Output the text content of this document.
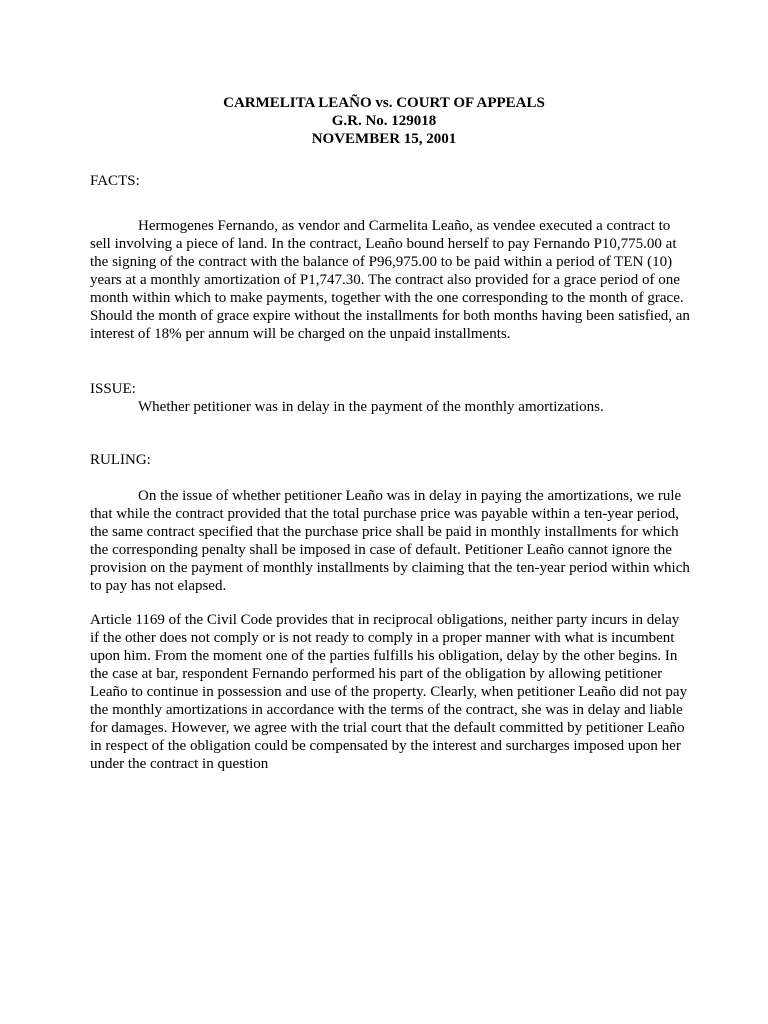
CARMELITA LEAÑO vs. COURT OF APPEALS
G.R. No. 129018
NOVEMBER 15, 2001

FACTS:

Hermogenes Fernando, as vendor and Carmelita Leaño, as vendee executed a contract to sell involving a piece of land. In the contract, Leaño bound herself to pay Fernando P10,775.00 at the signing of the contract with the balance of P96,975.00 to be paid within a period of TEN (10) years at a monthly amortization of P1,747.30. The contract also provided for a grace period of one month within which to make payments, together with the one corresponding to the month of grace. Should the month of grace expire without the installments for both months having been satisfied, an interest of 18% per annum will be charged on the unpaid installments.

ISSUE:

Whether petitioner was in delay in the payment of the monthly amortizations.

RULING:

On the issue of whether petitioner Leaño was in delay in paying the amortizations, we rule that while the contract provided that the total purchase price was payable within a ten-year period, the same contract specified that the purchase price shall be paid in monthly installments for which the corresponding penalty shall be imposed in case of default. Petitioner Leaño cannot ignore the provision on the payment of monthly installments by claiming that the ten-year period within which to pay has not elapsed.

Article 1169 of the Civil Code provides that in reciprocal obligations, neither party incurs in delay if the other does not comply or is not ready to comply in a proper manner with what is incumbent upon him. From the moment one of the parties fulfills his obligation, delay by the other begins. In the case at bar, respondent Fernando performed his part of the obligation by allowing petitioner Leaño to continue in possession and use of the property. Clearly, when petitioner Leaño did not pay the monthly amortizations in accordance with the terms of the contract, she was in delay and liable for damages. However, we agree with the trial court that the default committed by petitioner Leaño in respect of the obligation could be compensated by the interest and surcharges imposed upon her under the contract in question
